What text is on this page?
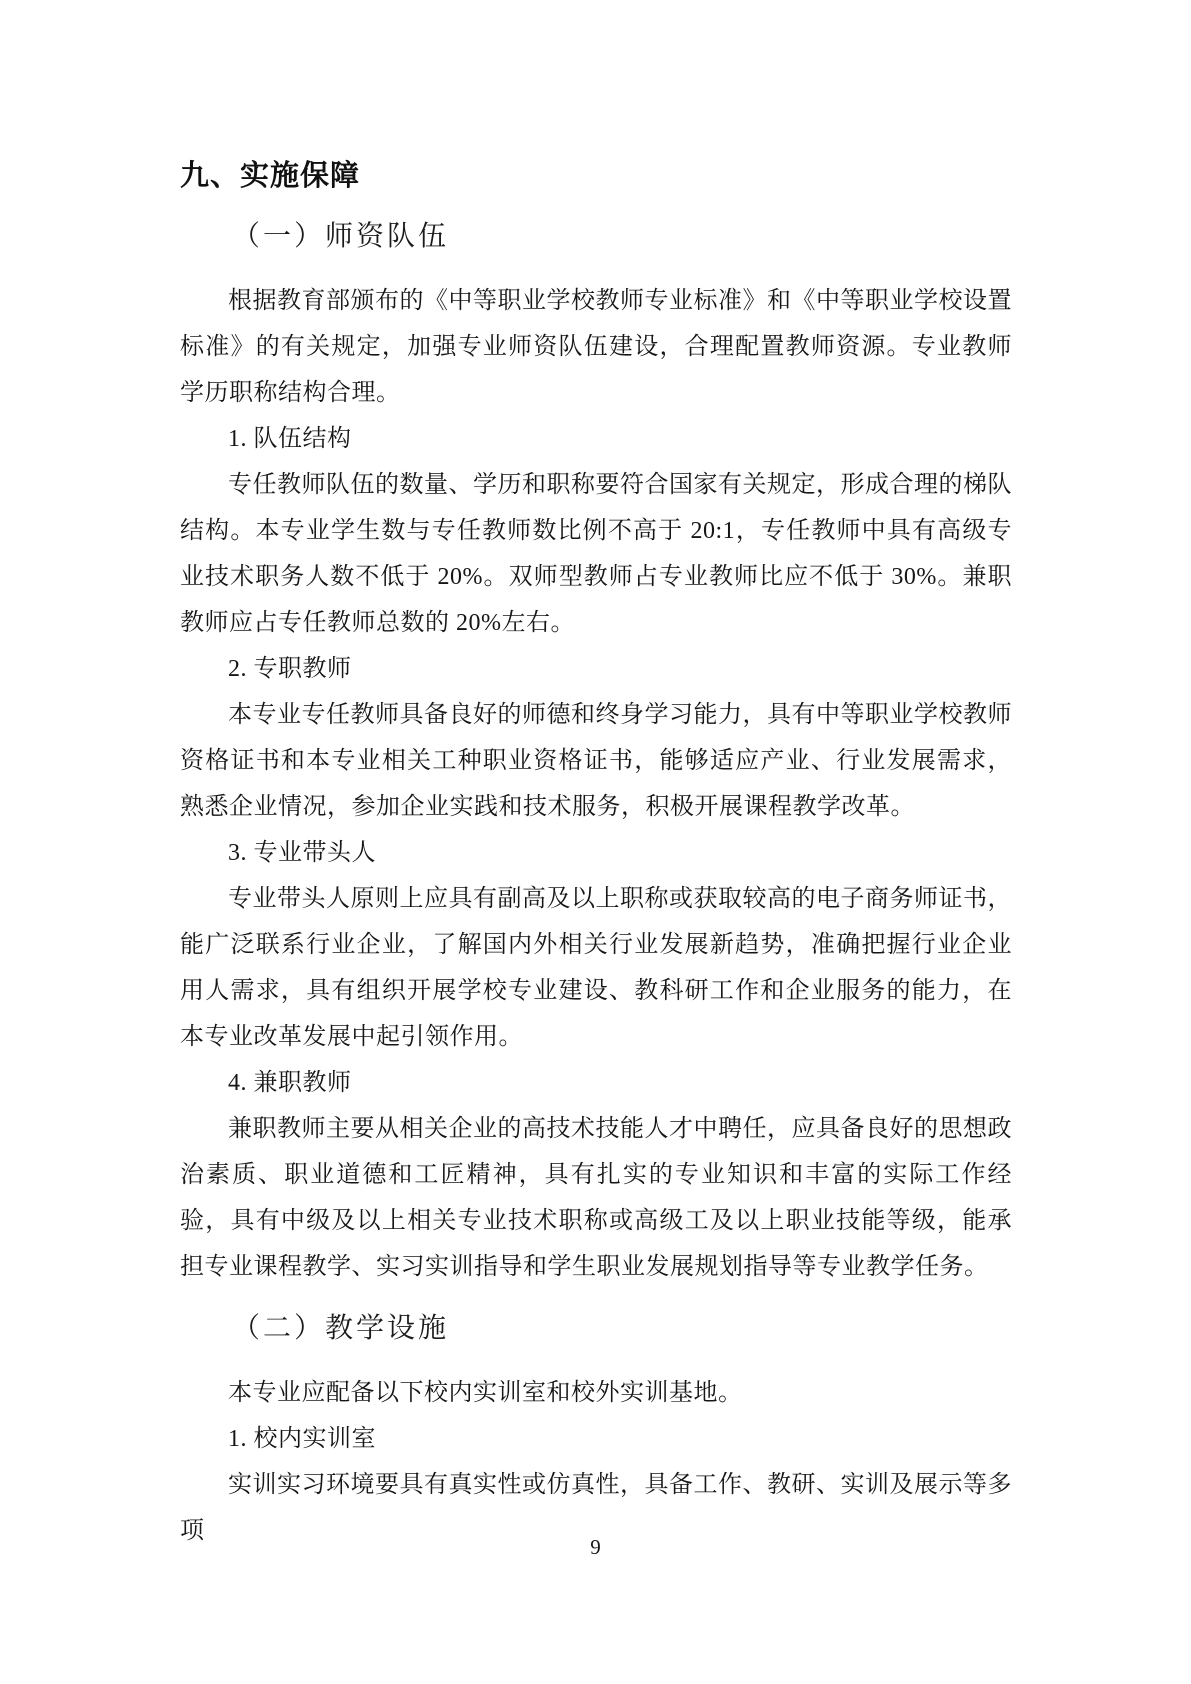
九、实施保障
（一）师资队伍

根据教育部颁布的《中等职业学校教师专业标准》和《中等职业学校设置标准》的有关规定，加强专业师资队伍建设，合理配置教师资源。专业教师学历职称结构合理。

1. 队伍结构

专任教师队伍的数量、学历和职称要符合国家有关规定，形成合理的梯队结构。本专业学生数与专任教师数比例不高于 20:1，专任教师中具有高级专业技术职务人数不低于 20%。双师型教师占专业教师比应不低于 30%。兼职教师应占专任教师总数的 20%左右。

2. 专职教师

本专业专任教师具备良好的师德和终身学习能力，具有中等职业学校教师资格证书和本专业相关工种职业资格证书，能够适应产业、行业发展需求，熟悉企业情况，参加企业实践和技术服务，积极开展课程教学改革。

3. 专业带头人

专业带头人原则上应具有副高及以上职称或获取较高的电子商务师证书，能广泛联系行业企业，了解国内外相关行业发展新趋势，准确把握行业企业用人需求，具有组织开展学校专业建设、教科研工作和企业服务的能力，在本专业改革发展中起引领作用。

4. 兼职教师

兼职教师主要从相关企业的高技术技能人才中聘任，应具备良好的思想政治素质、职业道德和工匠精神，具有扎实的专业知识和丰富的实际工作经验，具有中级及以上相关专业技术职称或高级工及以上职业技能等级，能承担专业课程教学、实习实训指导和学生职业发展规划指导等专业教学任务。

（二）教学设施

本专业应配备以下校内实训室和校外实训基地。

1. 校内实训室

实训实习环境要具有真实性或仿真性，具备工作、教研、实训及展示等多项

9
